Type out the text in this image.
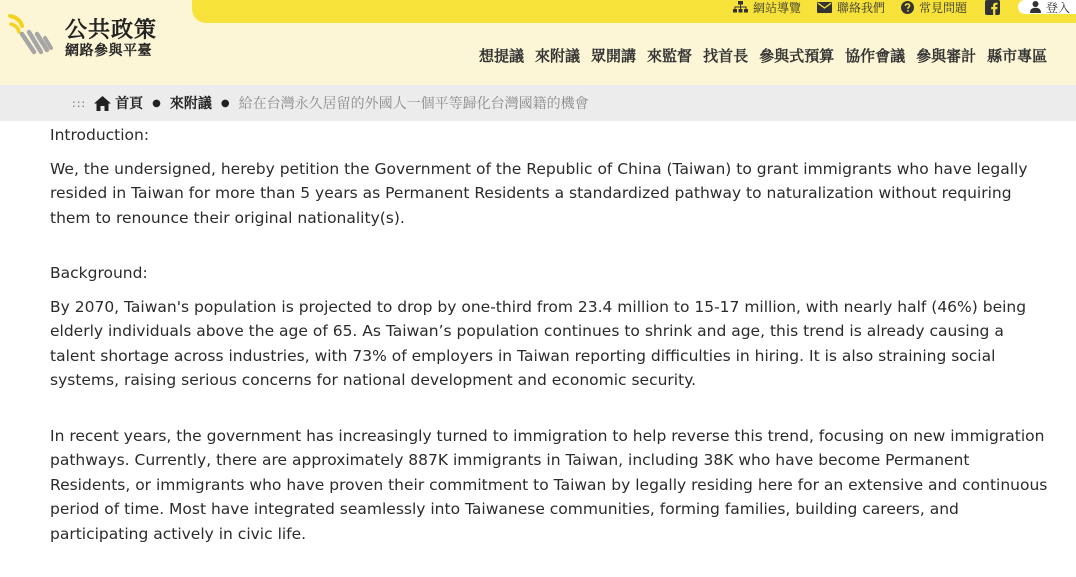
網站導覽	聯絡我們	常見問題	登入
公共政策
網路參與平臺	想提議 來附議 眾開講 來監督 找首長 參與式預算 協作會議 參與審計 縣市專區
::: 首頁 ● 來附議 ● 給在台灣永久居留的外國人一個平等歸化台灣國籍的機會

Introduction:

We, the undersigned, hereby petition the Government of the Republic of China (Taiwan) to grant immigrants who have legally resided in Taiwan for more than 5 years as Permanent Residents a standardized pathway to naturalization without requiring them to renounce their original nationality(s).

Background:

By 2070, Taiwan's population is projected to drop by one-third from 23.4 million to 15-17 million, with nearly half (46%) being elderly individuals above the age of 65. As Taiwan’s population continues to shrink and age, this trend is already causing a talent shortage across industries, with 73% of employers in Taiwan reporting difficulties in hiring. It is also straining social systems, raising serious concerns for national development and economic security.

In recent years, the government has increasingly turned to immigration to help reverse this trend, focusing on new immigration pathways. Currently, there are approximately 887K immigrants in Taiwan, including 38K who have become Permanent Residents, or immigrants who have proven their commitment to Taiwan by legally residing here for an extensive and continuous period of time. Most have integrated seamlessly into Taiwanese communities, forming families, building careers, and participating actively in civic life.
